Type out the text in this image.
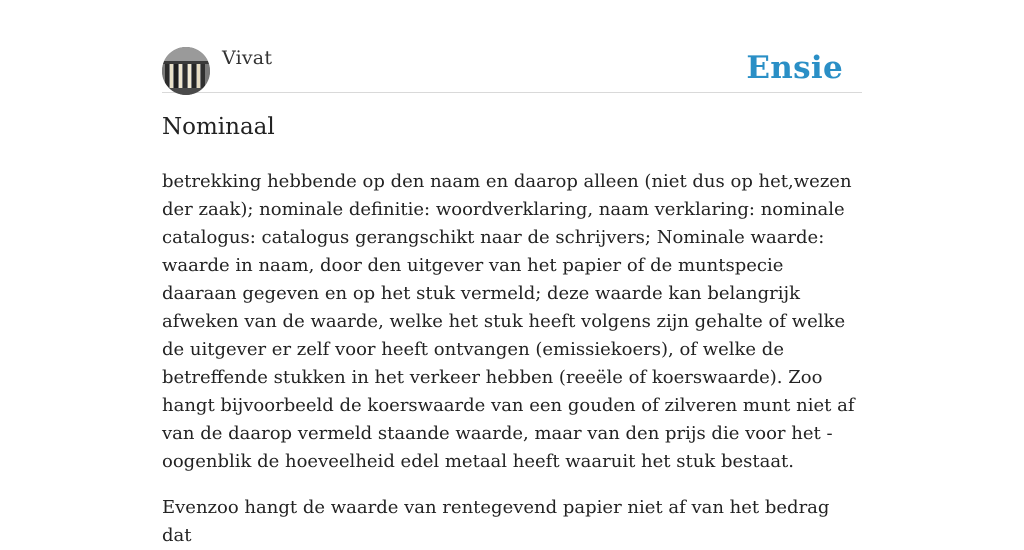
Vivat	Ensie
Nominaal

betrekking hebbende op den naam en daarop alleen (niet dus op het,wezen der zaak); nominale definitie: woordverklaring, naam verklaring: nominale catalogus: catalogus gerangschikt naar de schrijvers; Nominale waarde: waarde in naam, door den uitgever van het papier of de muntspecie daaraan gegeven en op het stuk vermeld; deze waarde kan belangrijk afweken van de waarde, welke het stuk heeft volgens zijn gehalte of welke de uitgever er zelf voor heeft ontvangen (emissiekoers), of welke de betreffende stukken in het verkeer hebben (reeële of koerswaarde). Zoo hangt bijvoorbeeld de koerswaarde van een gouden of zilveren munt niet af van de daarop vermeld staande waarde, maar van den prijs die voor het -oogenblik de hoeveelheid edel metaal heeft waaruit het stuk bestaat.

Evenzoo hangt de waarde van rentegevend papier niet af van het bedrag dat
